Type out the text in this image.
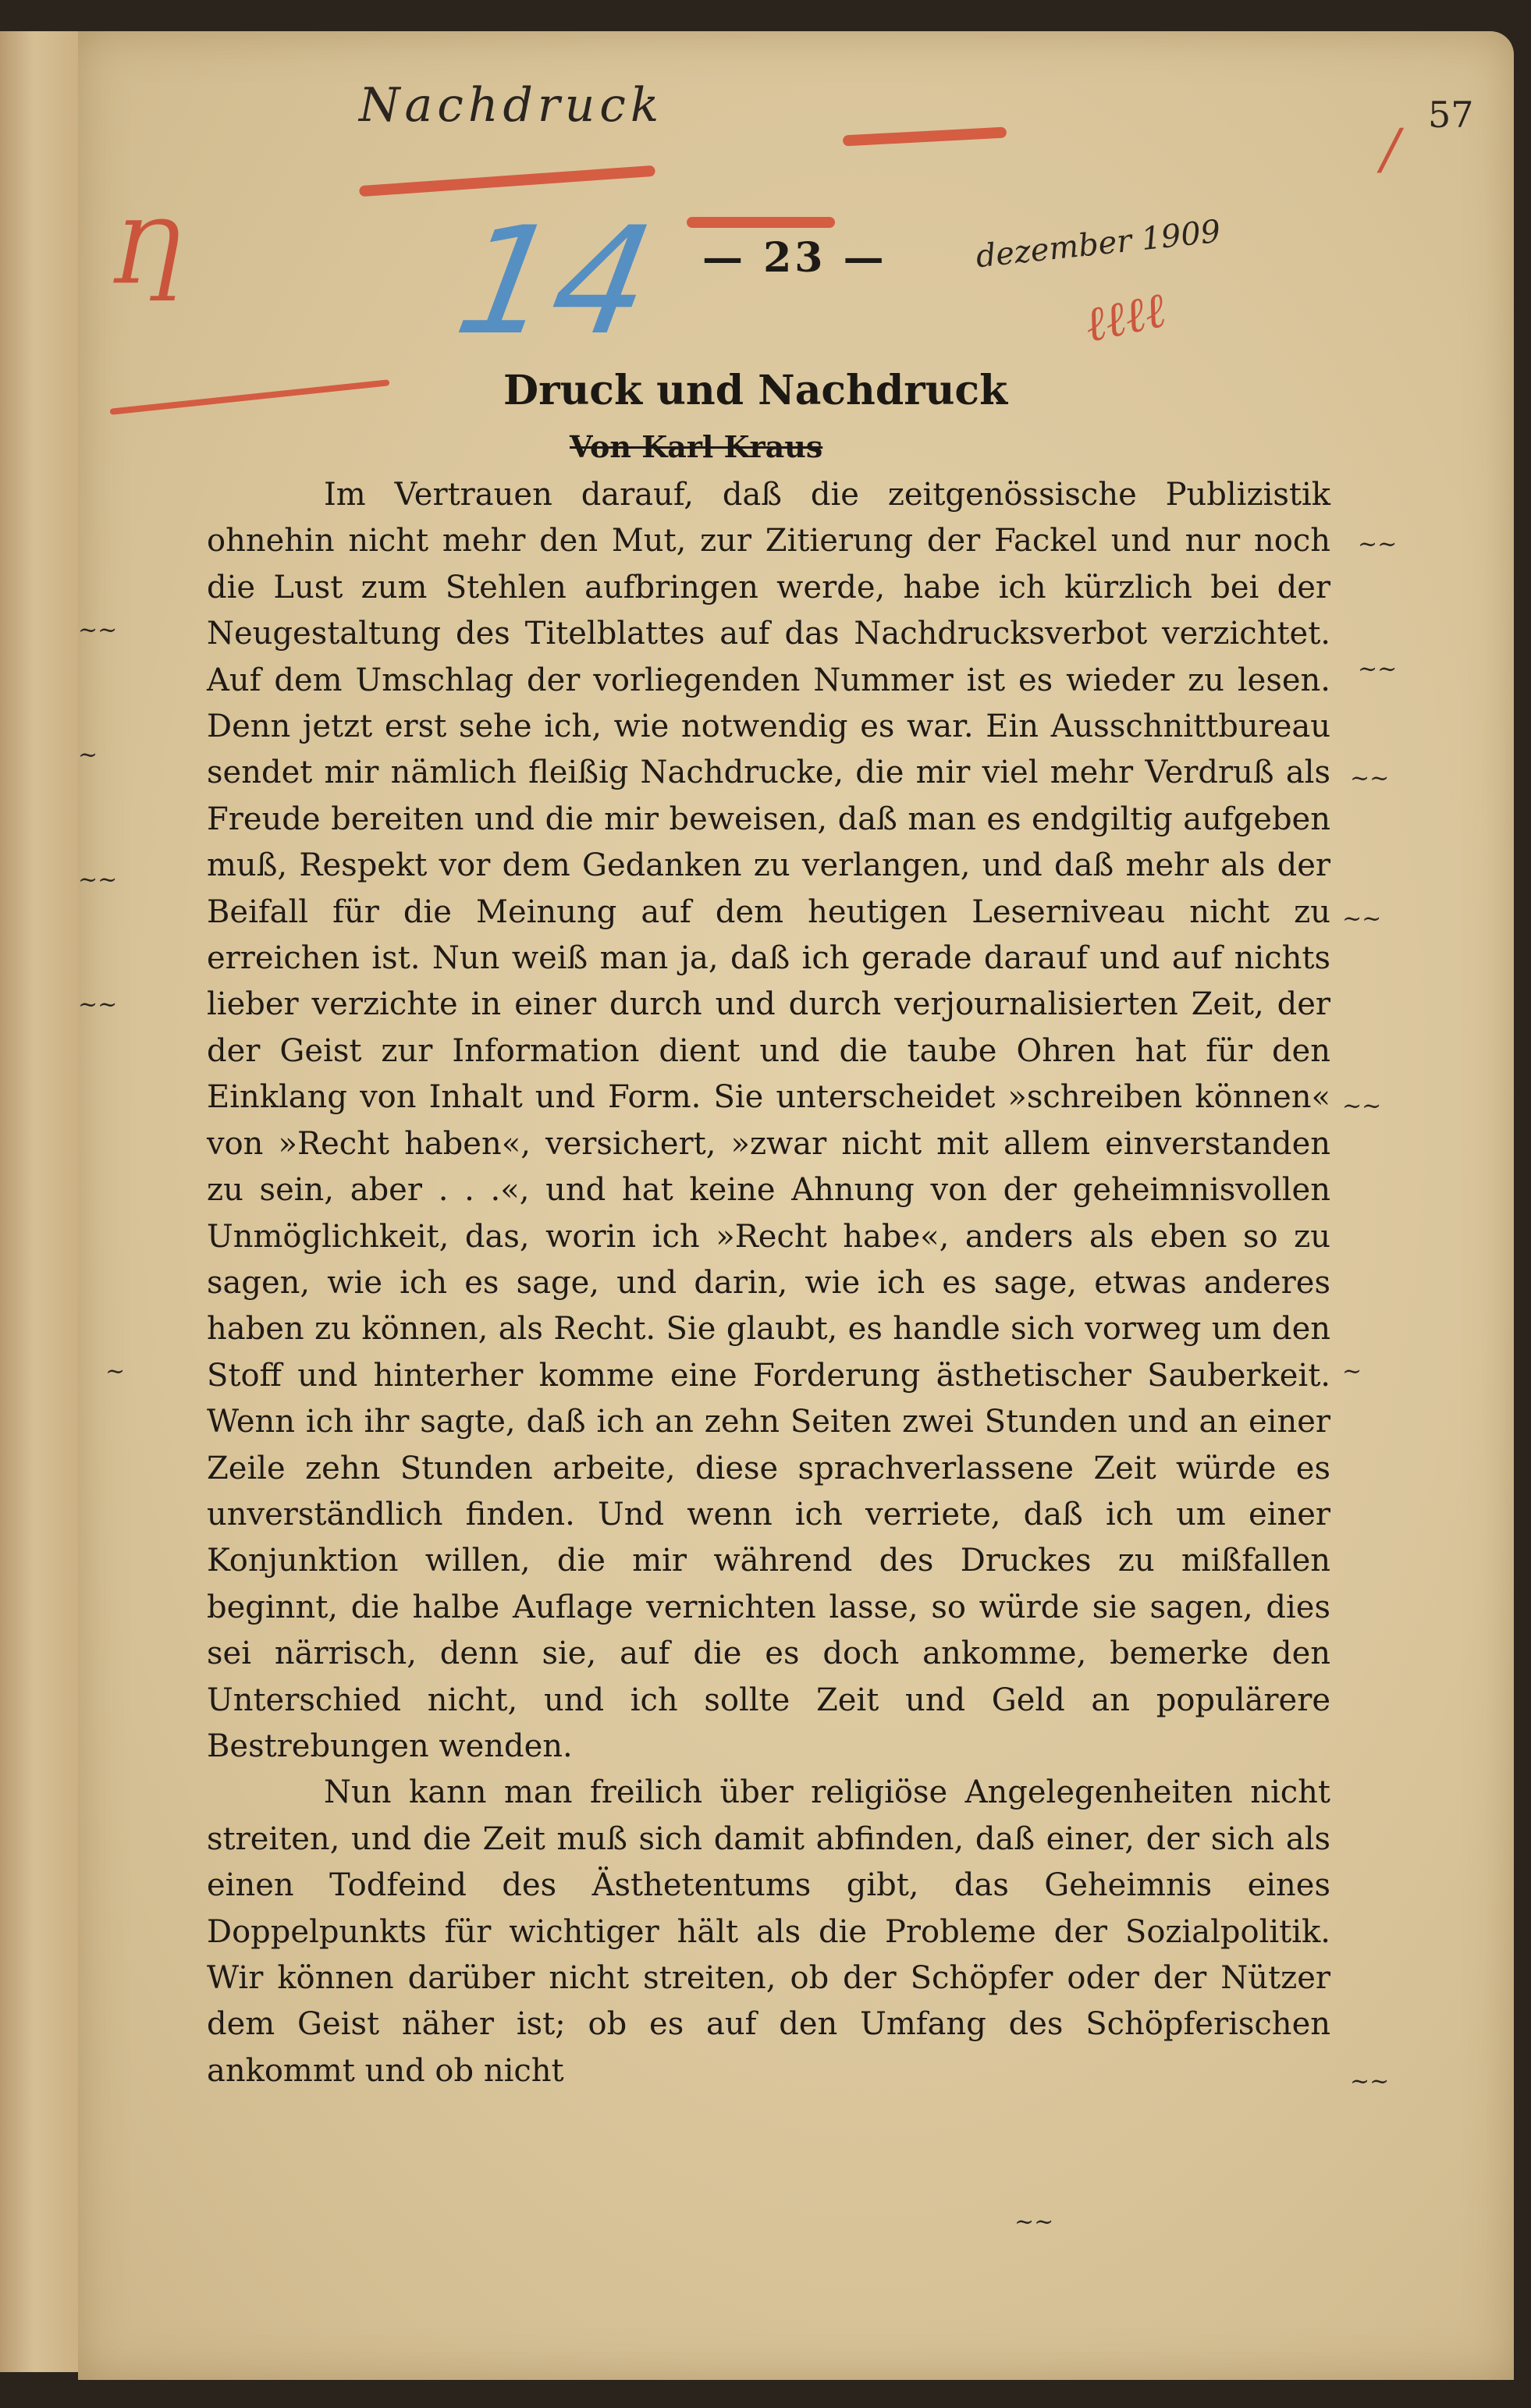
Nachdruck
Ƞ
ℓℓℓℓ
/
57
14 — 23 —	dezember 1909
Druck und Nachdruck
Von Karl Kraus

Im Vertrauen darauf, daß die zeitgenössische Publizistik ohnehin nicht mehr den Mut, zur Zitierung der Fackel und nur noch die Lust zum Stehlen aufbringen werde, habe ich kürzlich bei der Neugestaltung des Titelblattes auf das Nachdrucksverbot verzichtet. Auf dem Umschlag der vorliegenden Nummer ist es wieder zu lesen. Denn jetzt erst sehe ich, wie notwendig es war. Ein Ausschnittbureau sendet mir nämlich fleißig Nachdrucke, die mir viel mehr Verdruß als Freude bereiten und die mir beweisen, daß man es endgiltig aufgeben muß, Respekt vor dem Gedanken zu verlangen, und daß mehr als der Beifall für die Meinung auf dem heutigen Leserniveau nicht zu erreichen ist. Nun weiß man ja, daß ich gerade darauf und auf nichts lieber verzichte in einer durch und durch verjournalisierten Zeit, der der Geist zur Information dient und die taube Ohren hat für den Einklang von Inhalt und Form. Sie unterscheidet »schreiben können« von »Recht haben«, versichert, »zwar nicht mit allem einverstanden zu sein, aber . . .«, und hat keine Ahnung von der geheimnisvollen Unmöglichkeit, das, worin ich »Recht habe«, anders als eben so zu sagen, wie ich es sage, und darin, wie ich es sage, etwas anderes haben zu können, als Recht. Sie glaubt, es handle sich vorweg um den Stoff und hinterher komme eine Forderung ästhetischer Sauberkeit. Wenn ich ihr sagte, daß ich an zehn Seiten zwei Stunden und an einer Zeile zehn Stunden arbeite, diese sprachverlassene Zeit würde es unverständlich finden. Und wenn ich verriete, daß ich um einer Konjunktion willen, die mir während des Druckes zu mißfallen beginnt, die halbe Auflage vernichten lasse, so würde sie sagen, dies sei närrisch, denn sie, auf die es doch ankomme, bemerke den Unterschied nicht, und ich sollte Zeit und Geld an populärere Bestrebungen wenden.

Nun kann man freilich über religiöse Angelegenheiten nicht streiten, und die Zeit muß sich damit abfinden, daß einer, der sich als einen Todfeind des Ästhetentums gibt, das Geheimnis eines Doppelpunkts für wichtiger hält als die Probleme der Sozialpolitik. Wir können darüber nicht streiten, ob der Schöpfer oder der Nützer dem Geist näher ist; ob es auf den Umfang des Schöpferischen ankommt und ob nicht

~~
~
~~
~~
~
~~
~~
~~
~~
~~
~
~~
~~
